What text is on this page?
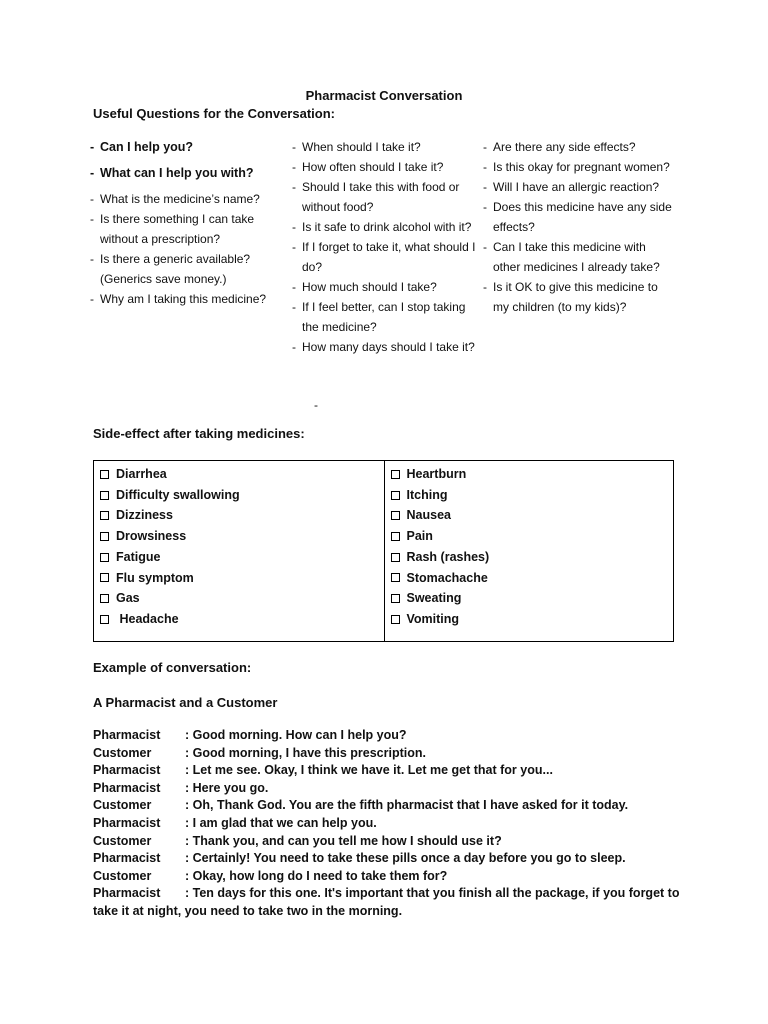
Pharmacist Conversation
Useful Questions for the Conversation:
- Can I help you?
- What can I help you with?
- What is the medicine’s name?
- Is there something I can take without a prescription?
- Is there a generic available? (Generics save money.)
- Why am I taking this medicine?
- When should I take it?
- How often should I take it?
- Should I take this with food or without food?
- Is it safe to drink alcohol with it?
- If I forget to take it, what should I do?
- How much should I take?
- If I feel better, can I stop taking the medicine?
- How many days should I take it?
- Are there any side effects?
- Is this okay for pregnant women?
- Will I have an allergic reaction?
- Does this medicine have any side effects?
- Can I take this medicine with other medicines I already take?
- Is it OK to give this medicine to my children (to my kids)?
-
Side-effect after taking medicines:
Diarrhea
Difficulty swallowing
Dizziness
Drowsiness
Fatigue
Flu symptom
Gas
Headache
Heartburn
Itching
Nausea
Pain
Rash (rashes)
Stomachache
Sweating
Vomiting
Example of conversation:
A Pharmacist and a Customer
Pharmacist	: Good morning. How can I help you?
Customer	: Good morning, I have this prescription.
Pharmacist	: Let me see. Okay, I think we have it. Let me get that for you...
Pharmacist	: Here you go.
Customer	: Oh, Thank God. You are the fifth pharmacist that I have asked for it today.
Pharmacist	: I am glad that we can help you.
Customer	: Thank you, and can you tell me how I should use it?
Pharmacist	: Certainly! You need to take these pills once a day before you go to sleep.
Customer	: Okay, how long do I need to take them for?
Pharmacist	: Ten days for this one. It's important that you finish all the package, if you forget to
take it at night, you need to take two in the morning.
